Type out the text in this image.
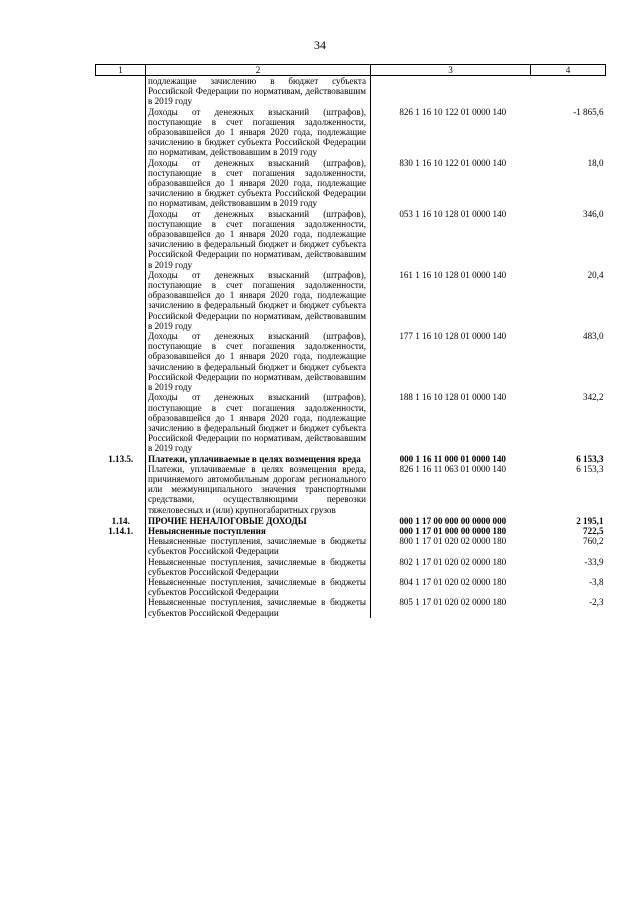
34
1	2	3	4
	подлежащие зачислению в бюджет субъекта Российской Федерации по нормативам, действовавшим в 2019 году		
	Доходы от денежных взысканий (штрафов), поступающие в счет погашения задолженности, образовавшейся до 1 января 2020 года, подлежащие зачислению в бюджет субъекта Российской Федерации по нормативам, действовавшим в 2019 году	826 1 16 10 122 01 0000 140	-1 865,6
	Доходы от денежных взысканий (штрафов), поступающие в счет погашения задолженности, образовавшейся до 1 января 2020 года, подлежащие зачислению в бюджет субъекта Российской Федерации по нормативам, действовавшим в 2019 году	830 1 16 10 122 01 0000 140	18,0
	Доходы от денежных взысканий (штрафов), поступающие в счет погашения задолженности, образовавшейся до 1 января 2020 года, подлежащие зачислению в федеральный бюджет и бюджет субъекта Российской Федерации по нормативам, действовавшим в 2019 году	053 1 16 10 128 01 0000 140	346,0
	Доходы от денежных взысканий (штрафов), поступающие в счет погашения задолженности, образовавшейся до 1 января 2020 года, подлежащие зачислению в федеральный бюджет и бюджет субъекта Российской Федерации по нормативам, действовавшим в 2019 году	161 1 16 10 128 01 0000 140	20,4
	Доходы от денежных взысканий (штрафов), поступающие в счет погашения задолженности, образовавшейся до 1 января 2020 года, подлежащие зачислению в федеральный бюджет и бюджет субъекта Российской Федерации по нормативам, действовавшим в 2019 году	177 1 16 10 128 01 0000 140	483,0
	Доходы от денежных взысканий (штрафов), поступающие в счет погашения задолженности, образовавшейся до 1 января 2020 года, подлежащие зачислению в федеральный бюджет и бюджет субъекта Российской Федерации по нормативам, действовавшим в 2019 году	188 1 16 10 128 01 0000 140	342,2
1.13.5.	Платежи, уплачиваемые в целях возмещения вреда	000 1 16 11 000 01 0000 140	6 153,3
	Платежи, уплачиваемые в целях возмещения вреда, причиняемого автомобильным дорогам регионального или межмуниципального значения транспортными средствами, осуществляющими перевозки тяжеловесных и (или) крупногабаритных грузов	826 1 16 11 063 01 0000 140	6 153,3
1.14.	ПРОЧИЕ НЕНАЛОГОВЫЕ ДОХОДЫ	000 1 17 00 000 00 0000 000	2 195,1
1.14.1.	Невыясненные поступления	000 1 17 01 000 00 0000 180	722,5
	Невыясненные поступления, зачисляемые в бюджеты субъектов Российской Федерации	800 1 17 01 020 02 0000 180	760,2
	Невыясненные поступления, зачисляемые в бюджеты субъектов Российской Федерации	802 1 17 01 020 02 0000 180	-33,9
	Невыясненные поступления, зачисляемые в бюджеты субъектов Российской Федерации	804 1 17 01 020 02 0000 180	-3,8
	Невыясненные поступления, зачисляемые в бюджеты субъектов Российской Федерации	805 1 17 01 020 02 0000 180	-2,3
